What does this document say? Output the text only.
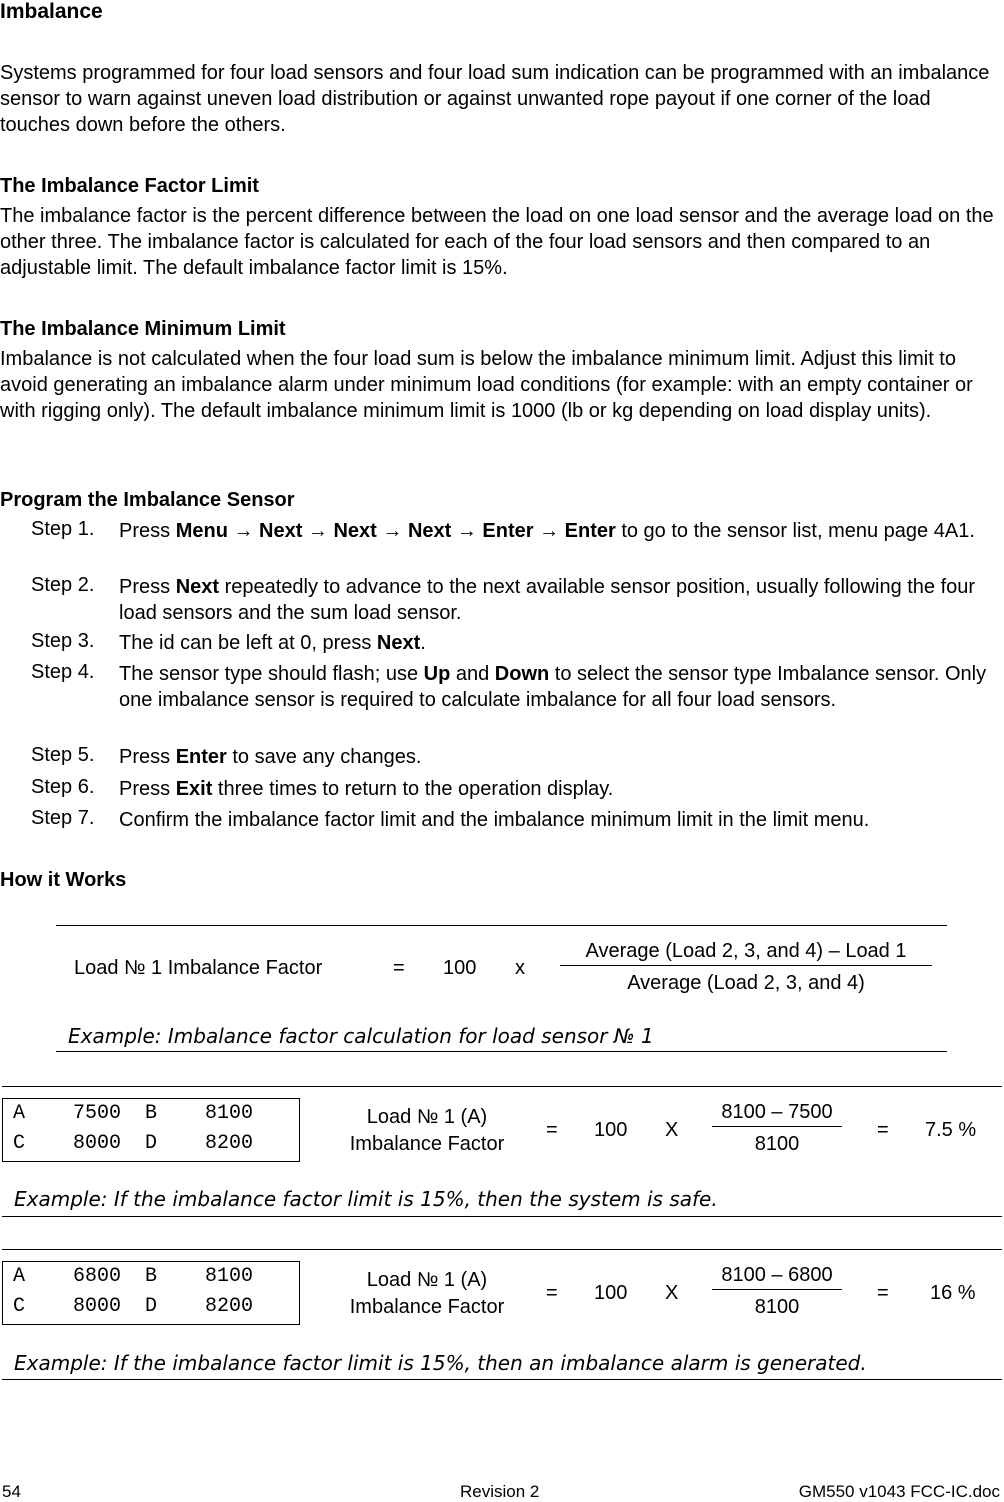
Imbalance
Systems programmed for four load sensors and four load sum indication can be programmed with an imbalance sensor to warn against uneven load distribution or against unwanted rope payout if one corner of the load touches down before the others.
The Imbalance Factor Limit
The imbalance factor is the percent difference between the load on one load sensor and the average load on the other three. The imbalance factor is calculated for each of the four load sensors and then compared to an adjustable limit. The default imbalance factor limit is 15%.
The Imbalance Minimum Limit
Imbalance is not calculated when the four load sum is below the imbalance minimum limit. Adjust this limit to avoid generating an imbalance alarm under minimum load conditions (for example: with an empty container or with rigging only). The default imbalance minimum limit is 1000 (lb or kg depending on load display units).
Program the Imbalance Sensor
Step 1. Press Menu → Next → Next → Next → Enter → Enter to go to the sensor list, menu page 4A1.
Step 2. Press Next repeatedly to advance to the next available sensor position, usually following the four load sensors and the sum load sensor.
Step 3. The id can be left at 0, press Next.
Step 4. The sensor type should flash; use Up and Down to select the sensor type Imbalance sensor. Only one imbalance sensor is required to calculate imbalance for all four load sensors.
Step 5. Press Enter to save any changes.
Step 6. Press Exit three times to return to the operation display.
Step 7. Confirm the imbalance factor limit and the imbalance minimum limit in the limit menu.
How it Works
Load № 1 Imbalance Factor	= 100 x
Average (Load 2, 3, and 4) – Load 1
Average (Load 2, 3, and 4)
Example: Imbalance factor calculation for load sensor № 1
A    7500  B    8100
C    8000  D    8200
Load № 1 (A)
Imbalance Factor
= 100 X
8100 – 7500
8100
= 7.5 %
Example: If the imbalance factor limit is 15%, then the system is safe.
A    6800  B    8100
C    8000  D    8200
Load № 1 (A)
Imbalance Factor
= 100 X
8100 – 6800
8100
= 16 %
Example: If the imbalance factor limit is 15%, then an imbalance alarm is generated.
54	Revision 2	GM550 v1043 FCC-IC.doc
